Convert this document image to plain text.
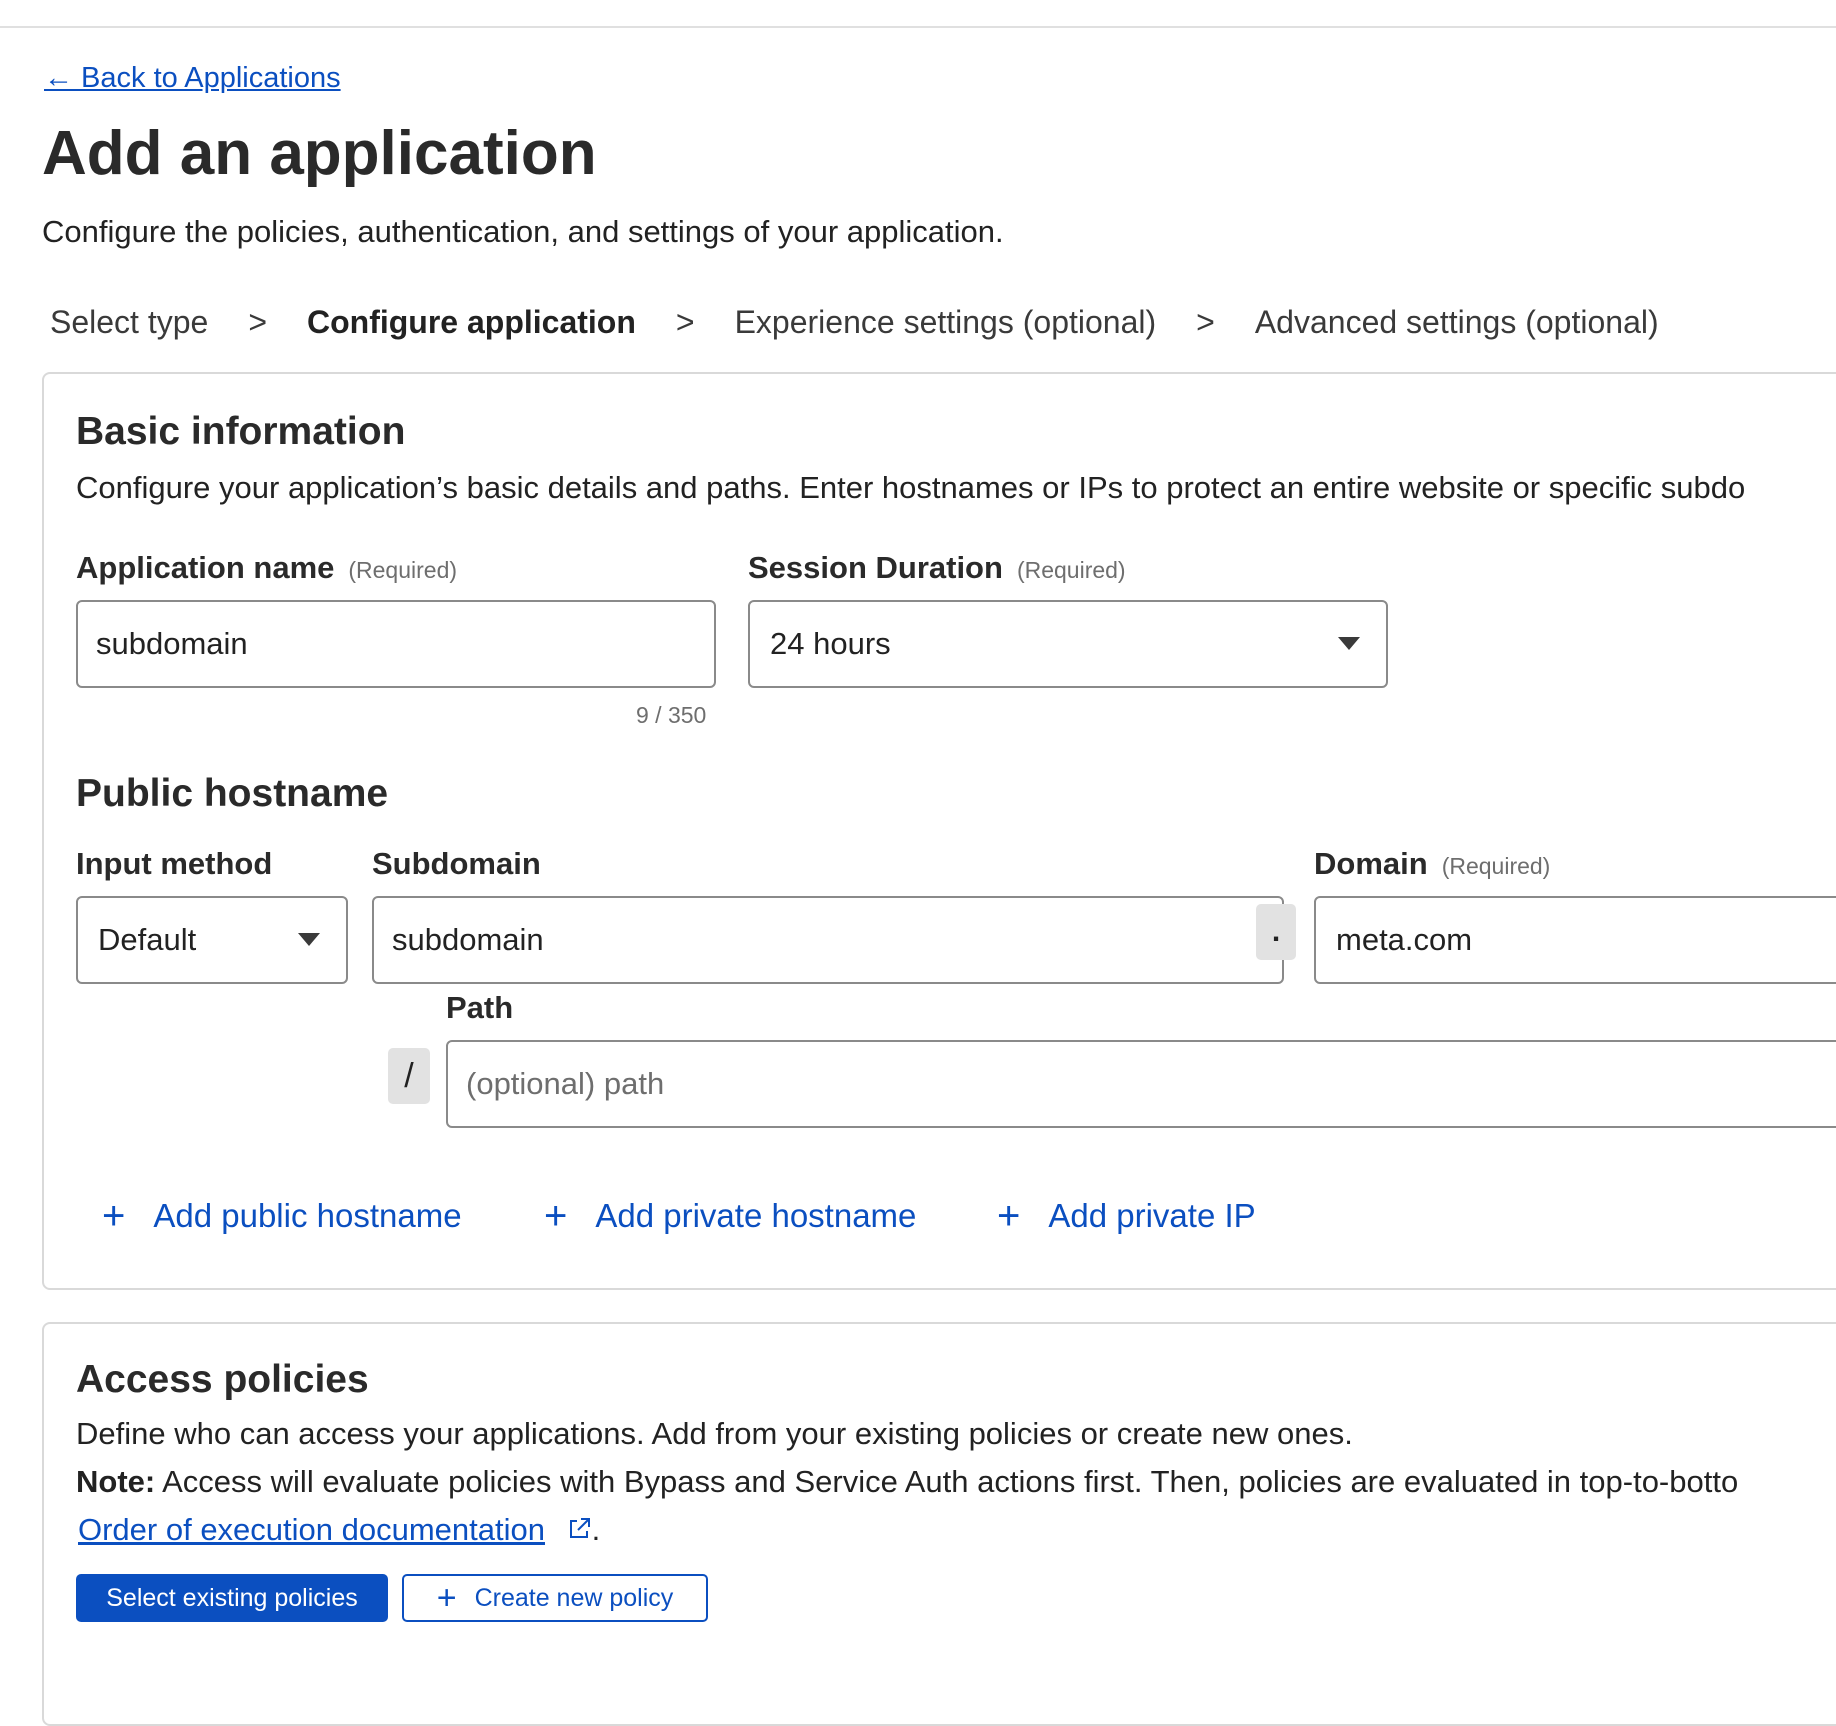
← Back to Applications
Add an application
Configure the policies, authentication, and settings of your application.
Select type > Configure application > Experience settings (optional) > Advanced settings (optional)
Basic information
Configure your application’s basic details and paths. Enter hostnames or IPs to protect an entire website or specific subdo
Application name (Required)
subdomain
9 / 350
Session Duration (Required)
24 hours
Public hostname
Input method
Default
Subdomain
subdomain	.
Domain (Required)
meta.com
Path
/	(optional) path
+ Add public hostname + Add private hostname + Add private IP
Access policies
Define who can access your applications. Add from your existing policies or create new ones.
Note: Access will evaluate policies with Bypass and Service Auth actions first. Then, policies are evaluated in top-to-botto
Order of execution documentation .
Select existing policies	+ Create new policy
